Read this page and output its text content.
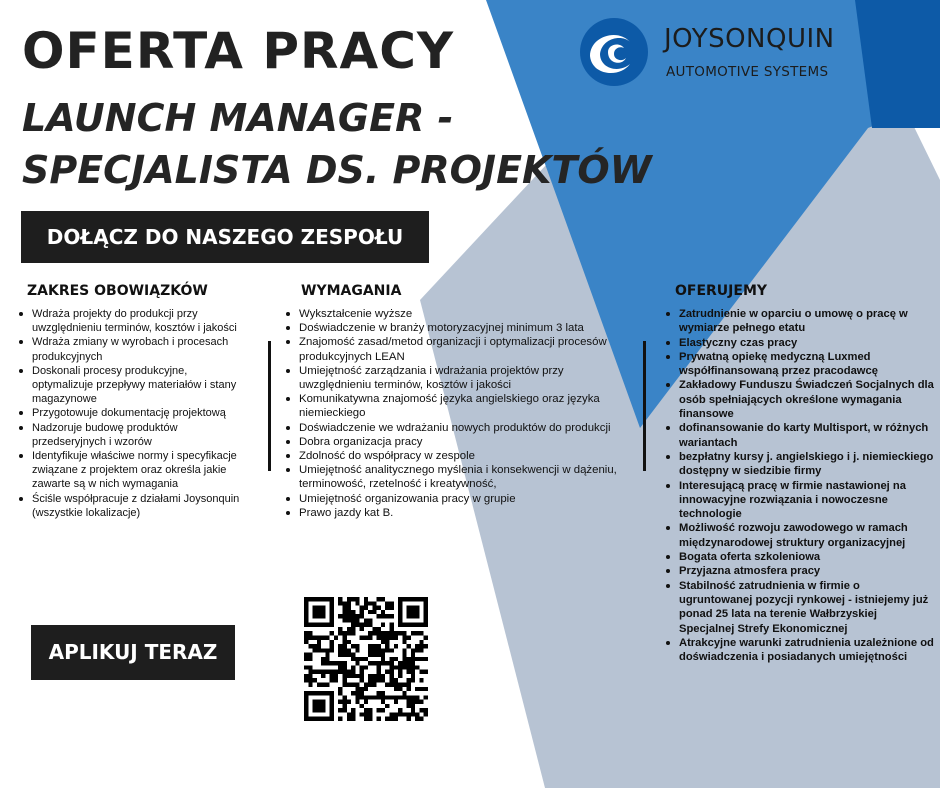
JOYSONQUIN
AUTOMOTIVE SYSTEMS
OFERTA PRACY
LAUNCH MANAGER -
SPECJALISTA DS. PROJEKTÓW
DOŁĄCZ DO NASZEGO ZESPOŁU
ZAKRES OBOWIĄZKÓW
Wdraża projekty do produkcji przy uwzględnieniu terminów, kosztów i jakości
Wdraża zmiany w wyrobach i procesach produkcyjnych
Doskonali procesy produkcyjne, optymalizuje przepływy materiałów i stany magazynowe
Przygotowuje dokumentację projektową
Nadzoruje budowę produktów przedseryjnych i wzorów
Identyfikuje właściwe normy i specyfikacje związane z projektem oraz określa jakie zawarte są w nich wymagania
Ściśle współpracuje z działami Joysonquin (wszystkie lokalizacje)
WYMAGANIA
Wykształcenie wyższe
Doświadczenie w branży motoryzacyjnej minimum 3 lata
Znajomość zasad/metod organizacji i optymalizacji procesów produkcyjnych LEAN
Umiejętność zarządzania i wdrażania projektów przy uwzględnieniu terminów, kosztów i jakości
Komunikatywna znajomość języka angielskiego oraz języka niemieckiego
Doświadczenie we wdrażaniu nowych produktów do produkcji
Dobra organizacja pracy
Zdolność do współpracy w zespole
Umiejętność analitycznego myślenia i konsekwencji w dążeniu, terminowość, rzetelność i kreatywność,
Umiejętność organizowania pracy w grupie
Prawo jazdy kat B.
OFERUJEMY
Zatrudnienie w oparciu o umowę o pracę w wymiarze pełnego etatu
Elastyczny czas pracy
Prywatną opiekę medyczną Luxmed współfinansowaną przez pracodawcę
Zakładowy Funduszu Świadczeń Socjalnych dla osób spełniających określone wymagania finansowe
dofinansowanie do karty Multisport, w różnych wariantach
bezpłatny kursy j. angielskiego i j. niemieckiego dostępny w siedzibie firmy
Interesującą pracę w firmie nastawionej na innowacyjne rozwiązania i nowoczesne technologie
Możliwość rozwoju zawodowego w ramach międzynarodowej struktury organizacyjnej
Bogata oferta szkoleniowa
Przyjazna atmosfera pracy
Stabilność zatrudnienia w firmie o ugruntowanej pozycji rynkowej - istniejemy już ponad 25 lata na terenie Wałbrzyskiej Specjalnej Strefy Ekonomicznej
Atrakcyjne warunki zatrudnienia uzależnione od doświadczenia i posiadanych umiejętności
APLIKUJ TERAZ
